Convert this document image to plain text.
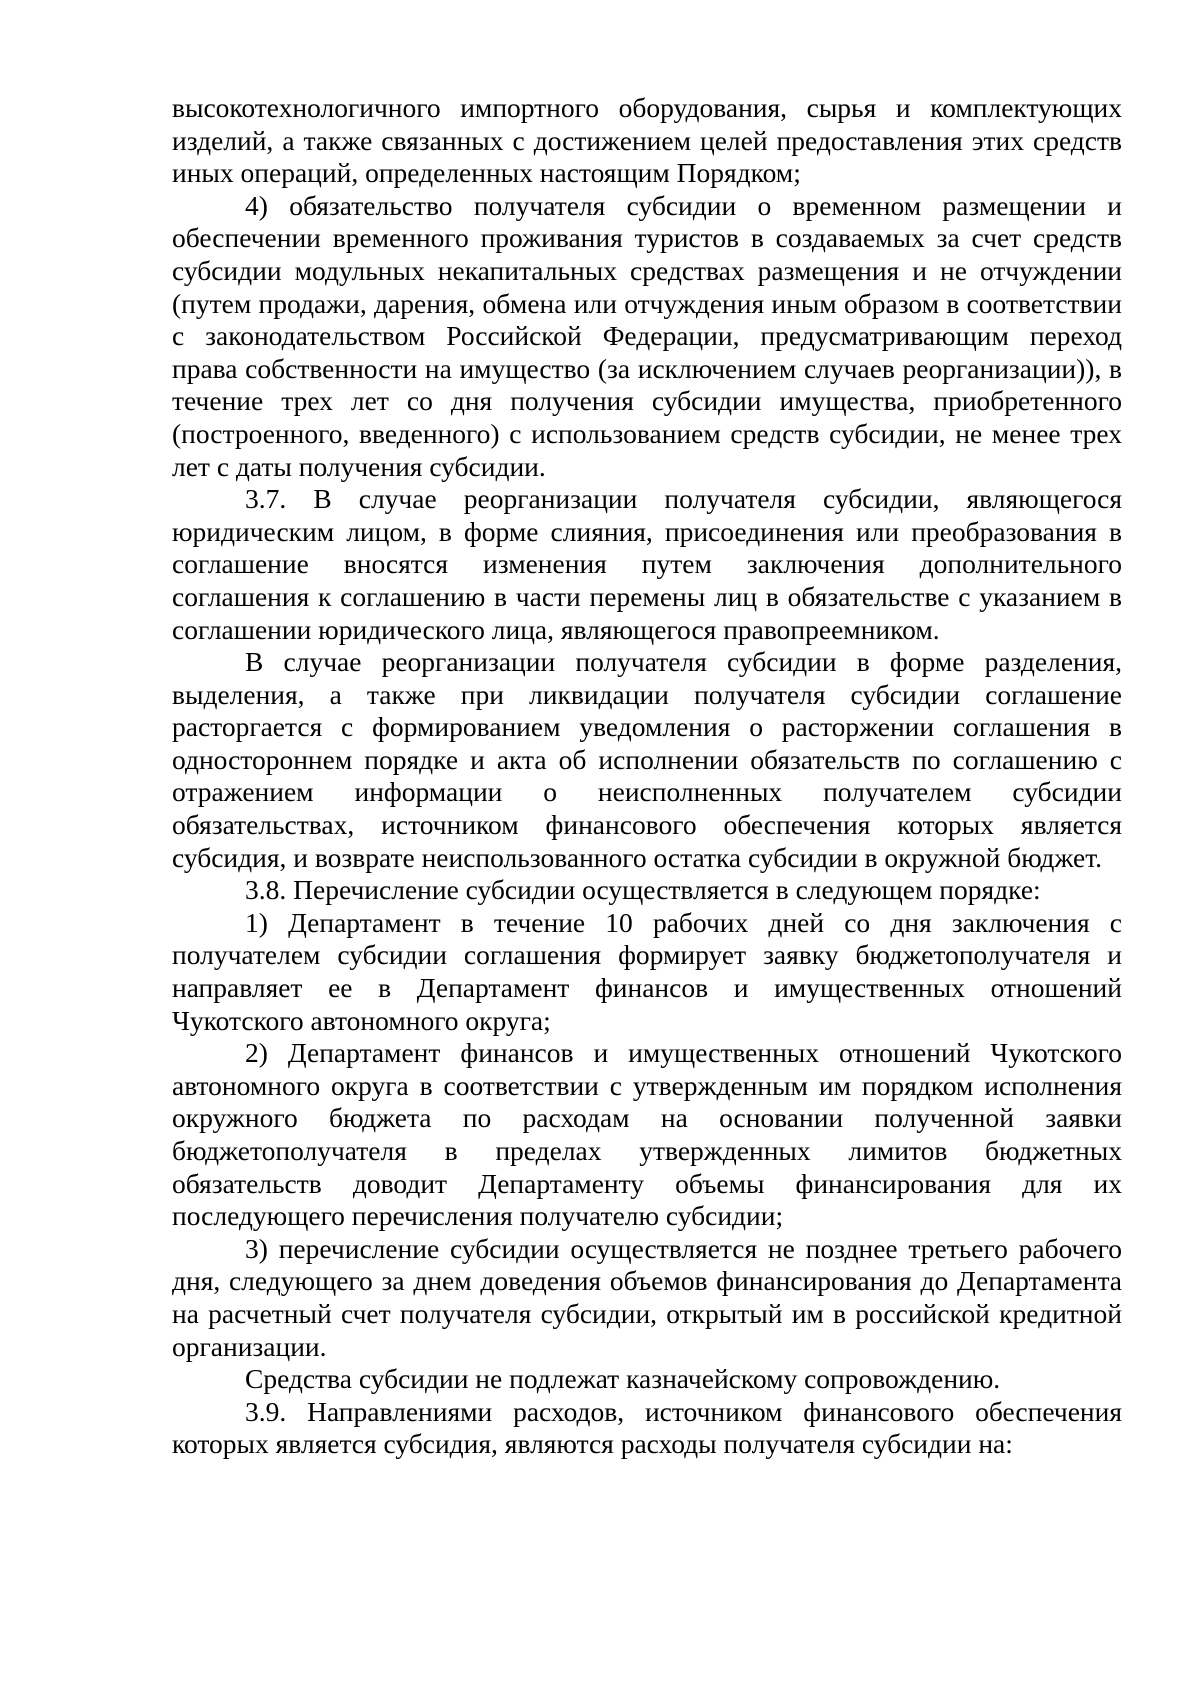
высокотехнологичного импортного оборудования, сырья и комплектующих изделий, а также связанных с достижением целей предоставления этих средств иных операций, определенных настоящим Порядком;

4) обязательство получателя субсидии о временном размещении и обеспечении временного проживания туристов в создаваемых за счет средств субсидии модульных некапитальных средствах размещения и не отчуждении (путем продажи, дарения, обмена или отчуждения иным образом в соответствии с законодательством Российской Федерации, предусматривающим переход права собственности на имущество (за исключением случаев реорганизации)), в течение трех лет со дня получения субсидии имущества, приобретенного (построенного, введенного) с использованием средств субсидии, не менее трех лет с даты получения субсидии.

3.7. В случае реорганизации получателя субсидии, являющегося юридическим лицом, в форме слияния, присоединения или преобразования в соглашение вносятся изменения путем заключения дополнительного соглашения к соглашению в части перемены лиц в обязательстве с указанием в соглашении юридического лица, являющегося правопреемником.

В случае реорганизации получателя субсидии в форме разделения, выделения, а также при ликвидации получателя субсидии соглашение расторгается с формированием уведомления о расторжении соглашения в одностороннем порядке и акта об исполнении обязательств по соглашению с отражением информации о неисполненных получателем субсидии обязательствах, источником финансового обеспечения которых является субсидия, и возврате неиспользованного остатка субсидии в окружной бюджет.

3.8. Перечисление субсидии осуществляется в следующем порядке:

1) Департамент в течение 10 рабочих дней со дня заключения с получателем субсидии соглашения формирует заявку бюджетополучателя и направляет ее в Департамент финансов и имущественных отношений Чукотского автономного округа;

2) Департамент финансов и имущественных отношений Чукотского автономного округа в соответствии с утвержденным им порядком исполнения окружного бюджета по расходам на основании полученной заявки бюджетополучателя в пределах утвержденных лимитов бюджетных обязательств доводит Департаменту объемы финансирования для их последующего перечисления получателю субсидии;

3) перечисление субсидии осуществляется не позднее третьего рабочего дня, следующего за днем доведения объемов финансирования до Департамента на расчетный счет получателя субсидии, открытый им в российской кредитной организации.

Средства субсидии не подлежат казначейскому сопровождению.

3.9. Направлениями расходов, источником финансового обеспечения которых является субсидия, являются расходы получателя субсидии на:
